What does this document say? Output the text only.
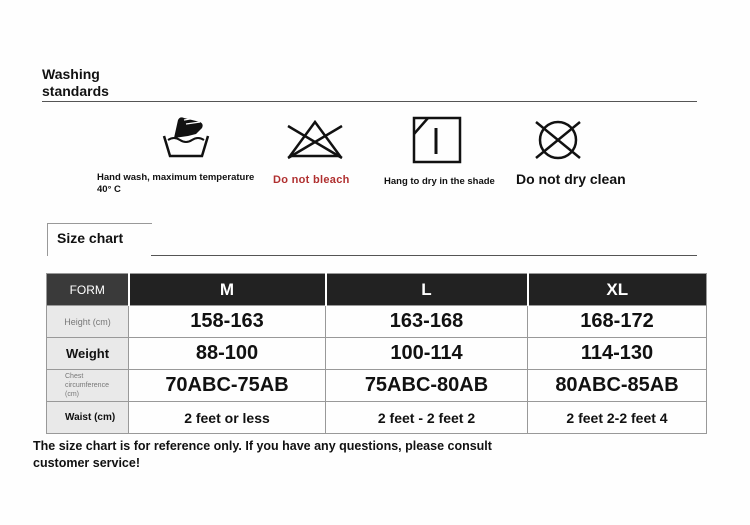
Washing
standards
Hand wash, maximum temperature
40° C
Do not bleach	Hang to dry in the shade Do not dry clean
Size chart
FORM	M	L	XL
Height (cm)	158-163	163-168	168-172
Weight	88-100	100-114	114-130
Chest circumference
(cm)	70ABC-75AB	75ABC-80AB	80ABC-85AB
Waist (cm)	2 feet or less	2 feet - 2 feet 2	2 feet 2-2 feet 4
The size chart is for reference only. If you have any questions, please consult
customer service!
